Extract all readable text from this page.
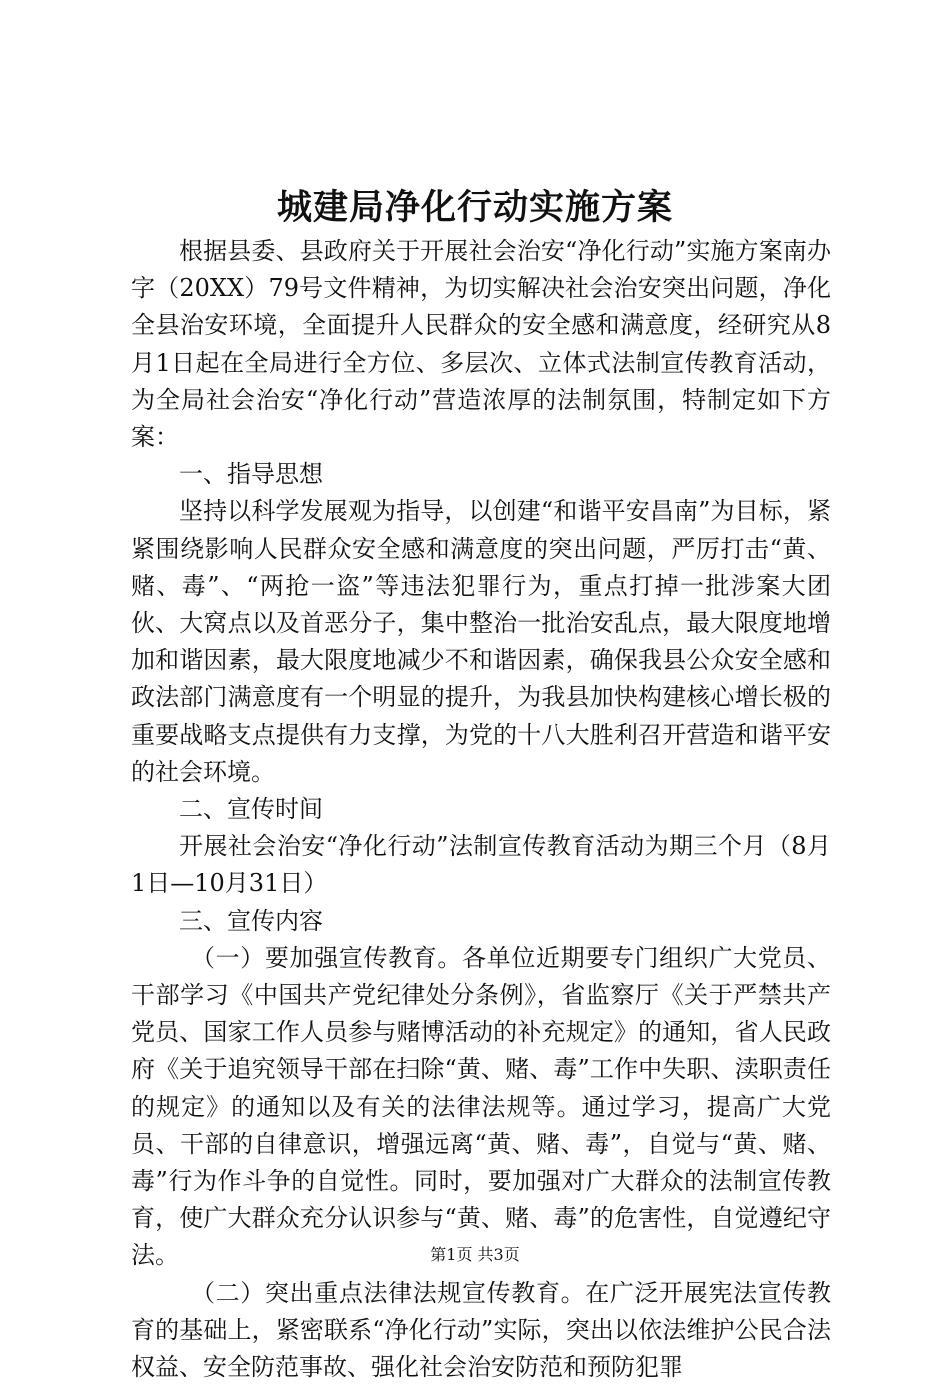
城建局净化行动实施方案

根据县委、县政府关于开展社会治安“净化行动”实施方案南办字（20XX）79号文件精神，为切实解决社会治安突出问题，净化全县治安环境，全面提升人民群众的安全感和满意度，经研究从8月1日起在全局进行全方位、多层次、立体式法制宣传教育活动，为全局社会治安“净化行动”营造浓厚的法制氛围，特制定如下方案：

一、指导思想

坚持以科学发展观为指导，以创建“和谐平安昌南”为目标，紧紧围绕影响人民群众安全感和满意度的突出问题，严厉打击“黄、赌、毒”、“两抢一盗”等违法犯罪行为，重点打掉一批涉案大团伙、大窝点以及首恶分子，集中整治一批治安乱点，最大限度地增加和谐因素，最大限度地减少不和谐因素，确保我县公众安全感和政法部门满意度有一个明显的提升，为我县加快构建核心增长极的重要战略支点提供有力支撑，为党的十八大胜利召开营造和谐平安的社会环境。

二、宣传时间

开展社会治安“净化行动”法制宣传教育活动为期三个月（8月1日—10月31日）

三、宣传内容

（一）要加强宣传教育。各单位近期要专门组织广大党员、干部学习《中国共产党纪律处分条例》，省监察厅《关于严禁共产党员、国家工作人员参与赌博活动的补充规定》的通知，省人民政府《关于追究领导干部在扫除“黄、赌、毒”工作中失职、渎职责任的规定》的通知以及有关的法律法规等。通过学习，提高广大党员、干部的自律意识，增强远离“黄、赌、毒”，自觉与“黄、赌、毒”行为作斗争的自觉性。同时，要加强对广大群众的法制宣传教育，使广大群众充分认识参与“黄、赌、毒”的危害性，自觉遵纪守法。

（二）突出重点法律法规宣传教育。在广泛开展宪法宣传教育的基础上，紧密联系“净化行动”实际，突出以依法维护公民合法权益、安全防范事故、强化社会治安防范和预防犯罪

第1页 共3页
